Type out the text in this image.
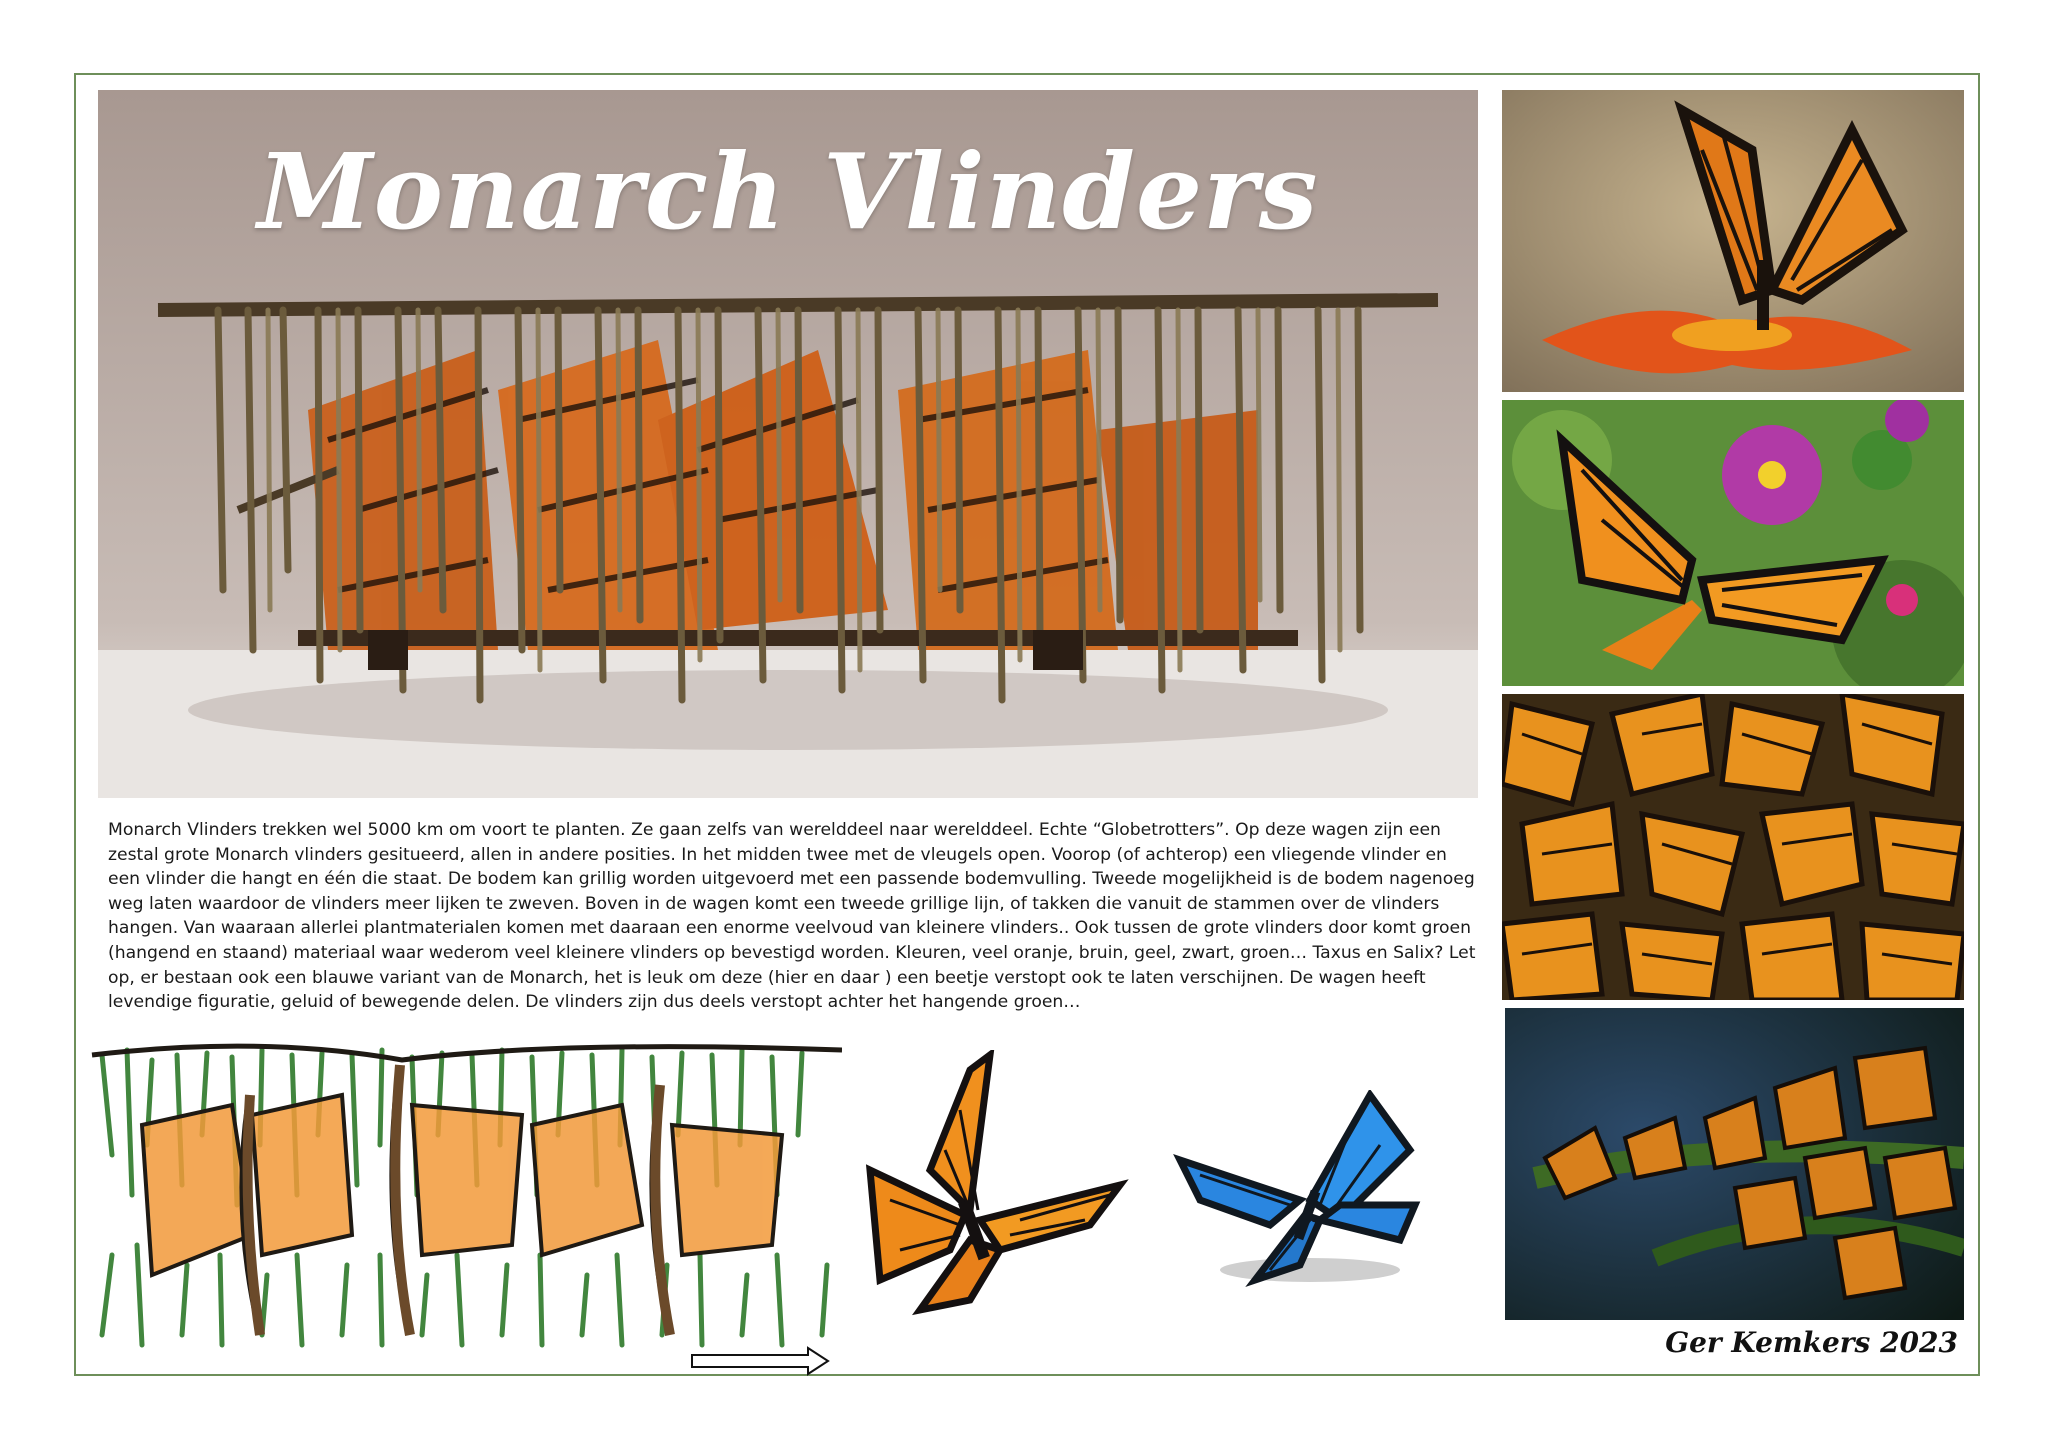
Monarch Vlinders

Monarch Vlinders trekken wel 5000 km om voort te planten. Ze gaan zelfs van werelddeel naar werelddeel. Echte “Globetrotters”. Op deze wagen zijn een zestal grote Monarch vlinders gesitueerd, allen in andere posities. In het midden twee met de vleugels open. Voorop (of achterop) een vliegende vlinder en een vlinder die hangt en één die staat. De bodem kan grillig worden uitgevoerd met een passende bodemvulling. Tweede mogelijkheid is de bodem nagenoeg weg laten waardoor de vlinders meer lijken te zweven. Boven in de wagen komt een tweede grillige lijn, of takken die vanuit de stammen over de vlinders hangen. Van waaraan allerlei plantmaterialen komen met daaraan een enorme veelvoud van kleinere vlinders.. Ook tussen de grote vlinders door komt groen (hangend en staand) materiaal waar wederom veel kleinere vlinders op bevestigd worden. Kleuren, veel oranje, bruin, geel, zwart, groen… Taxus en Salix? Let op, er bestaan ook een blauwe variant van de Monarch, het is leuk om deze (hier en daar ) een beetje verstopt ook te laten verschijnen. De wagen heeft levendige figuratie, geluid of bewegende delen. De vlinders zijn dus deels verstopt achter het hangende groen…

Ger Kemkers 2023
